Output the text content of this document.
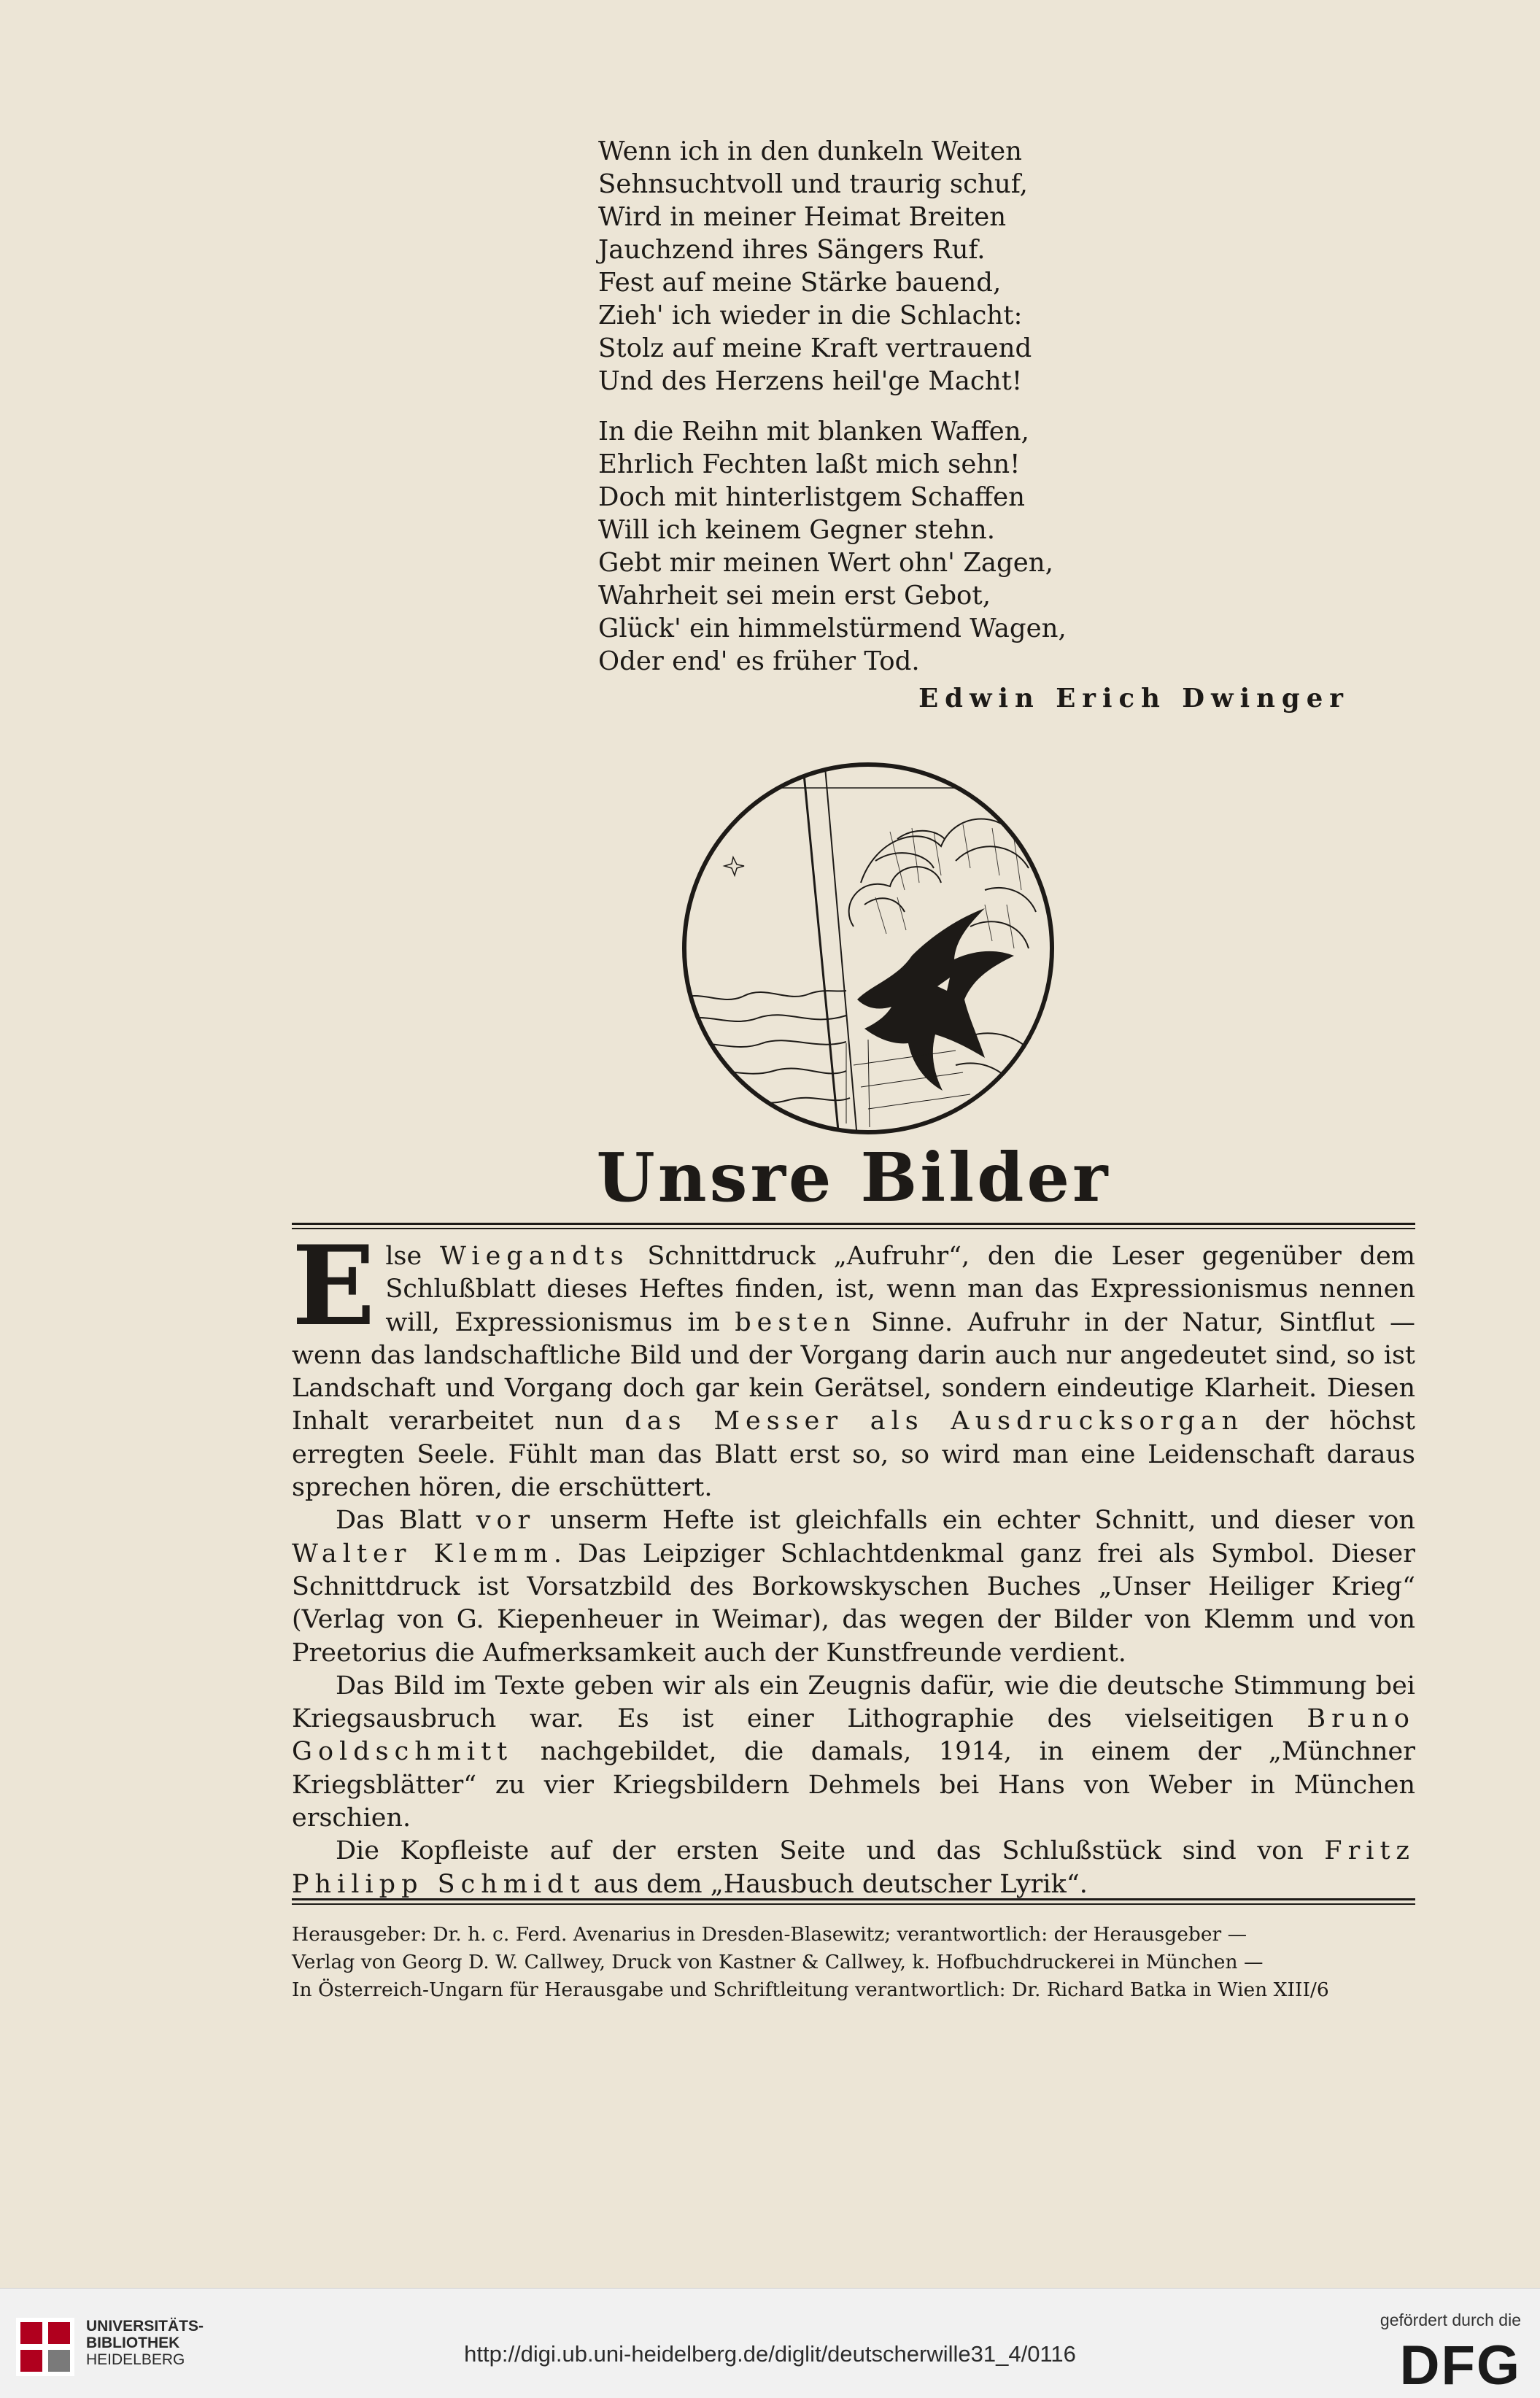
Wenn ich in den dunkeln Weiten
Sehnsuchtvoll und traurig schuf,
Wird in meiner Heimat Breiten
Jauchzend ihres Sängers Ruf.
Fest auf meine Stärke bauend,
Zieh' ich wieder in die Schlacht:
Stolz auf meine Kraft vertrauend
Und des Herzens heil'ge Macht!
In die Reihn mit blanken Waffen,
Ehrlich Fechten laßt mich sehn!
Doch mit hinterlistgem Schaffen
Will ich keinem Gegner stehn.
Gebt mir meinen Wert ohn' Zagen,
Wahrheit sei mein erst Gebot,
Glück' ein himmelstürmend Wagen,
Oder end' es früher Tod.
Edwin Erich Dwinger
Unsre Bilder

Else Wiegandts Schnittdruck „Aufruhr“, den die Leser gegenüber dem Schlußblatt dieses Heftes finden, ist, wenn man das Expressionismus nennen will, Expressionismus im besten Sinne. Aufruhr in der Natur, Sintflut — wenn das landschaftliche Bild und der Vorgang darin auch nur angedeutet sind, so ist Landschaft und Vorgang doch gar kein Gerätsel, sondern eindeutige Klarheit. Diesen Inhalt verarbeitet nun das Messer als Ausdrucksorgan der höchst erregten Seele. Fühlt man das Blatt erst so, so wird man eine Leidenschaft daraus sprechen hören, die erschüttert.

Das Blatt vor unserm Hefte ist gleichfalls ein echter Schnitt, und dieser von Walter Klemm. Das Leipziger Schlachtdenkmal ganz frei als Symbol. Dieser Schnittdruck ist Vorsatzbild des Borkowskyschen Buches „Unser Heiliger Krieg“ (Verlag von G. Kiepenheuer in Weimar), das wegen der Bilder von Klemm und von Preetorius die Aufmerksamkeit auch der Kunstfreunde verdient.

Das Bild im Texte geben wir als ein Zeugnis dafür, wie die deutsche Stimmung bei Kriegsausbruch war. Es ist einer Lithographie des vielseitigen Bruno Goldschmitt nachgebildet, die damals, 1914, in einem der „Münchner Kriegsblätter“ zu vier Kriegsbildern Dehmels bei Hans von Weber in München erschien.

Die Kopfleiste auf der ersten Seite und das Schlußstück sind von Fritz Philipp Schmidt aus dem „Hausbuch deutscher Lyrik“.

Herausgeber: Dr. h. c. Ferd. Avenarius in Dresden-Blasewitz; verantwortlich: der Herausgeber —
Verlag von Georg D. W. Callwey, Druck von Kastner & Callwey, k. Hofbuchdruckerei in München —
In Österreich-Ungarn für Herausgabe und Schriftleitung verantwortlich: Dr. Richard Batka in Wien XIII/6
UNIVERSITÄTS-
BIBLIOTHEK
HEIDELBERG	http://digi.ub.uni-heidelberg.de/diglit/deutscherwille31_4/0116
gefördert durch die
DFG
